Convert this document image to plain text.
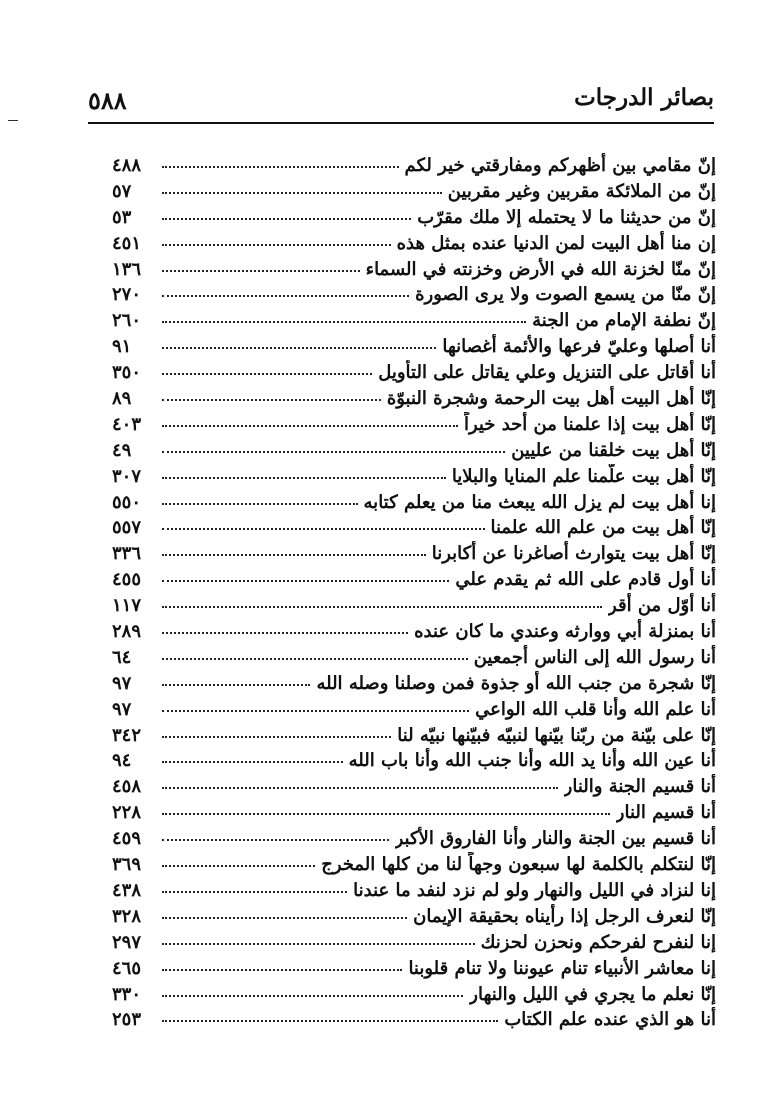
بصائر الدرجات
٥٨٨
إنّ مقامي بين أظهركم ومفارقتي خير لكم
٤٨٨
إنّ من الملائكة مقربين وغير مقربين
٥٧
إنّ من حديثنا ما لا يحتمله إلا ملك مقرّب
٥٣
إن منا أهل البيت لمن الدنيا عنده بمثل هذه
٤٥١
إنّ منّا لخزنة الله في الأرض وخزنته في السماء
١٣٦
إنّ منّا من يسمع الصوت ولا يرى الصورة
٢٧٠
إنّ نطفة الإمام من الجنة
٢٦٠
أنا أصلها وعليّ فرعها والأئمة أغصانها
٩١
أنا أقاتل على التنزيل وعلي يقاتل على التأويل
٣٥٠
إنّا أهل البيت أهل بيت الرحمة وشجرة النبوّة
٨٩
إنّا أهل بيت إذا علمنا من أحد خيراً
٤٠٣
إنّا أهل بيت خلقنا من عليين
٤٩
إنّا أهل بيت علّمنا علم المنايا والبلايا
٣٠٧
إنا أهل بيت لم يزل الله يبعث منا من يعلم كتابه
٥٥٠
إنّا أهل بيت من علم الله علمنا
٥٥٧
إنّا أهل بيت يتوارث أصاغرنا عن أكابرنا
٣٣٦
أنا أول قادم على الله ثم يقدم علي
٤٥٥
أنا أوّل من أقر
١١٧
أنا بمنزلة أبي ووارثه وعندي ما كان عنده
٢٨٩
أنا رسول الله إلى الناس أجمعين
٦٤
إنّا شجرة من جنب الله أو جذوة فمن وصلنا وصله الله
٩٧
أنا علم الله وأنا قلب الله الواعي
٩٧
إنّا على بيّنة من ربّنا بيّنها لنبيّه فبيّنها نبيّه لنا
٣٤٢
أنا عين الله وأنا يد الله وأنا جنب الله وأنا باب الله
٩٤
أنا قسيم الجنة والنار
٤٥٨
أنا قسيم النار
٢٢٨
أنا قسيم بين الجنة والنار وأنا الفاروق الأكبر
٤٥٩
إنّا لنتكلم بالكلمة لها سبعون وجهاً لنا من كلها المخرج
٣٦٩
إنا لنزاد في الليل والنهار ولو لم نزد لنفد ما عندنا
٤٣٨
إنّا لنعرف الرجل إذا رأيناه بحقيقة الإيمان
٣٢٨
إنا لنفرح لفرحكم ونحزن لحزنك
٢٩٧
إنا معاشر الأنبياء تنام عيوننا ولا تنام قلوبنا
٤٦٥
إنّا نعلم ما يجري في الليل والنهار
٣٣٠
أنا هو الذي عنده علم الكتاب
٢٥٣
